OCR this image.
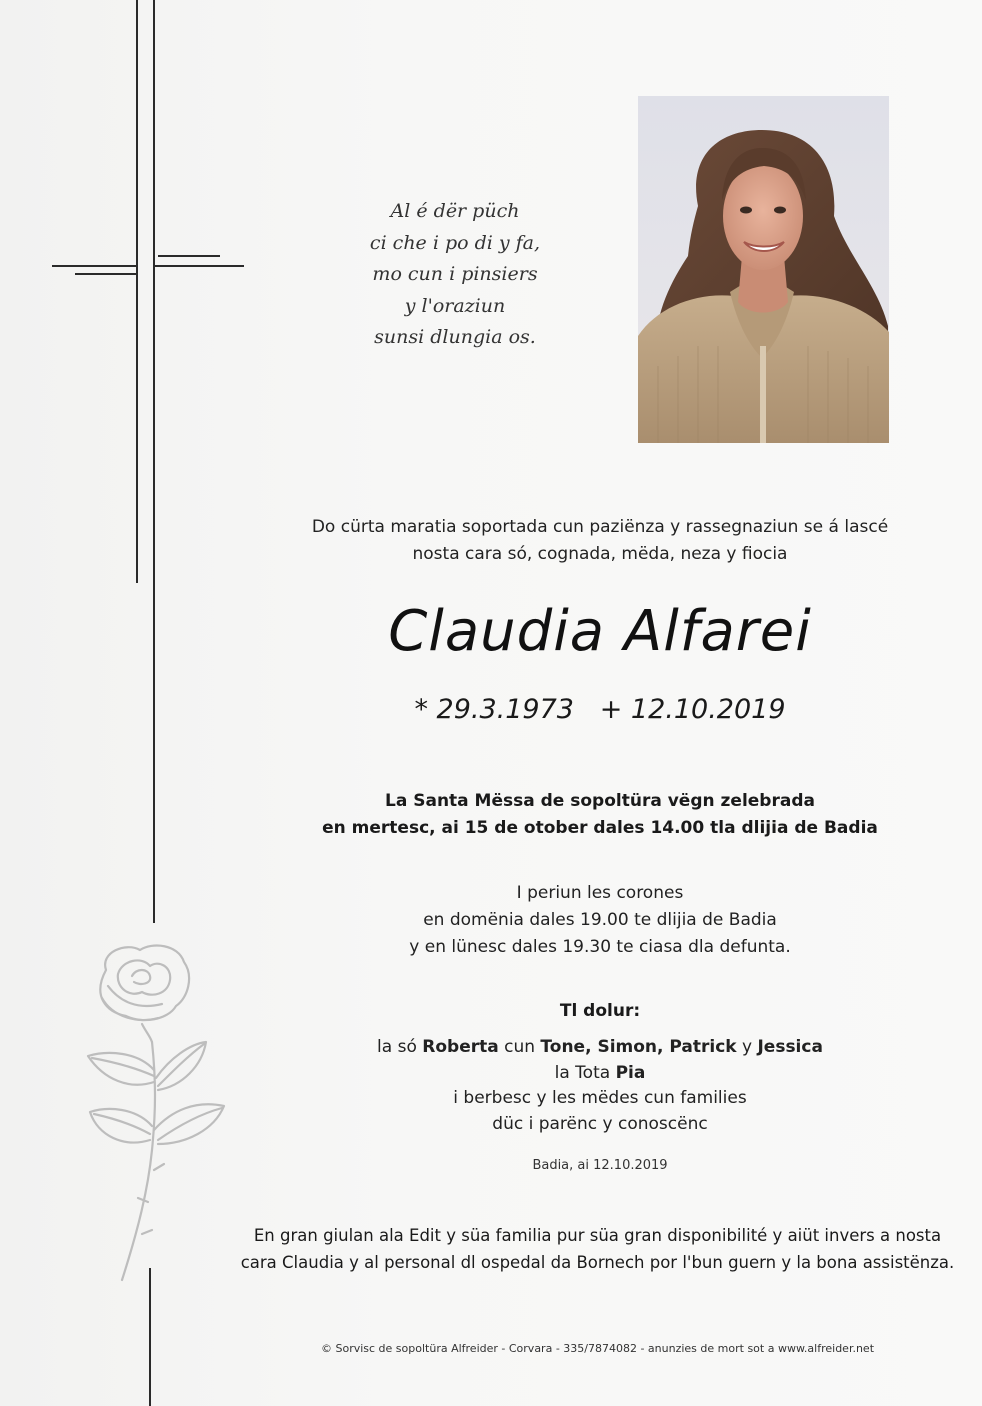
Al é dër püch
ci che i po di y fa,
mo cun i pinsiers
y l'oraziun
sunsi dlungia os.
Do cürta maratia soportada cun paziënza y rassegnaziun se á lascé
nosta cara só, cognada, mëda, neza y fiocia
Claudia Alfarei
* 29.3.1973   + 12.10.2019
La Santa Mëssa de sopoltüra vëgn zelebrada
en mertesc, ai 15 de otober dales 14.00 tla dlijia de Badia
I periun les corones
en domënia dales 19.00 te dlijia de Badia
y en lünesc dales 19.30 te ciasa dla defunta.
Tl dolur:
la só Roberta cun Tone, Simon, Patrick y Jessica
la Tota Pia
i berbesc y les mëdes cun families
düc i parënc y conoscënc
Badia, ai 12.10.2019
En gran giulan ala Edit y süa familia pur süa gran disponibilité y aiüt invers a nosta
cara Claudia y al personal dl ospedal da Bornech por l'bun guern y la bona assistënza.
© Sorvisc de sopoltüra Alfreider - Corvara - 335/7874082 - anunzies de mort sot a www.alfreider.net
